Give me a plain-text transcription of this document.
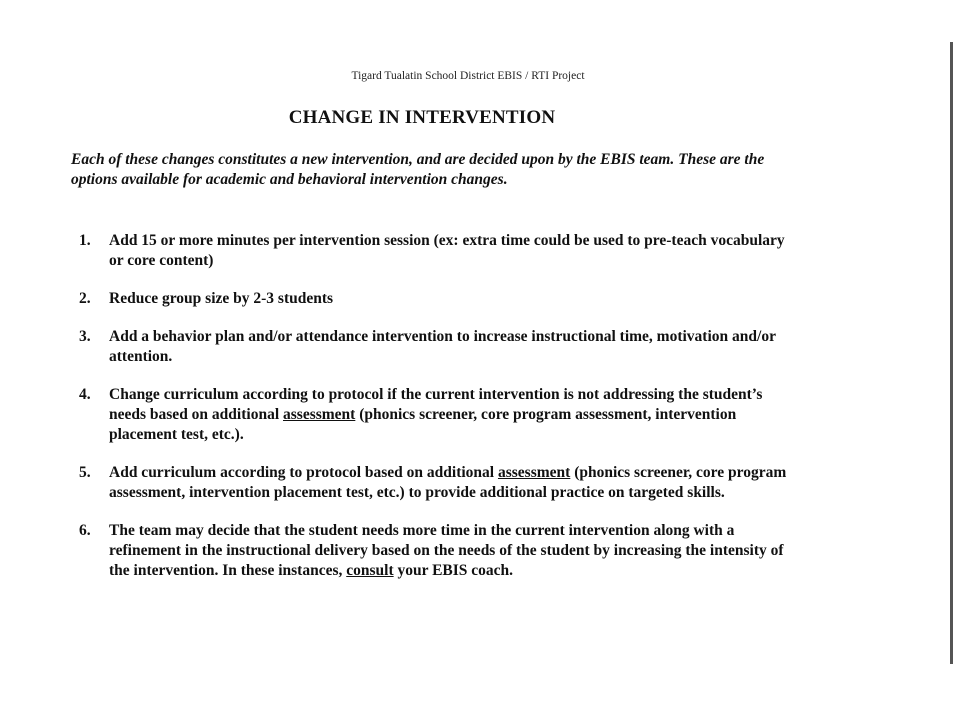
Tigard Tualatin School District EBIS / RTI Project
CHANGE IN INTERVENTION
Each of these changes constitutes a new intervention, and are decided upon by the EBIS team. These are the options available for academic and behavioral intervention changes.
1. Add 15 or more minutes per intervention session (ex: extra time could be used to pre-teach vocabulary or core content)
2. Reduce group size by 2-3 students
3. Add a behavior plan and/or attendance intervention to increase instructional time, motivation and/or attention.
4. Change curriculum according to protocol if the current intervention is not addressing the student’s needs based on additional assessment (phonics screener, core program assessment, intervention placement test, etc.).
5. Add curriculum according to protocol based on additional assessment (phonics screener, core program assessment, intervention placement test, etc.) to provide additional practice on targeted skills.
6. The team may decide that the student needs more time in the current intervention along with a refinement in the instructional delivery based on the needs of the student by increasing the intensity of the intervention. In these instances, consult your EBIS coach.
